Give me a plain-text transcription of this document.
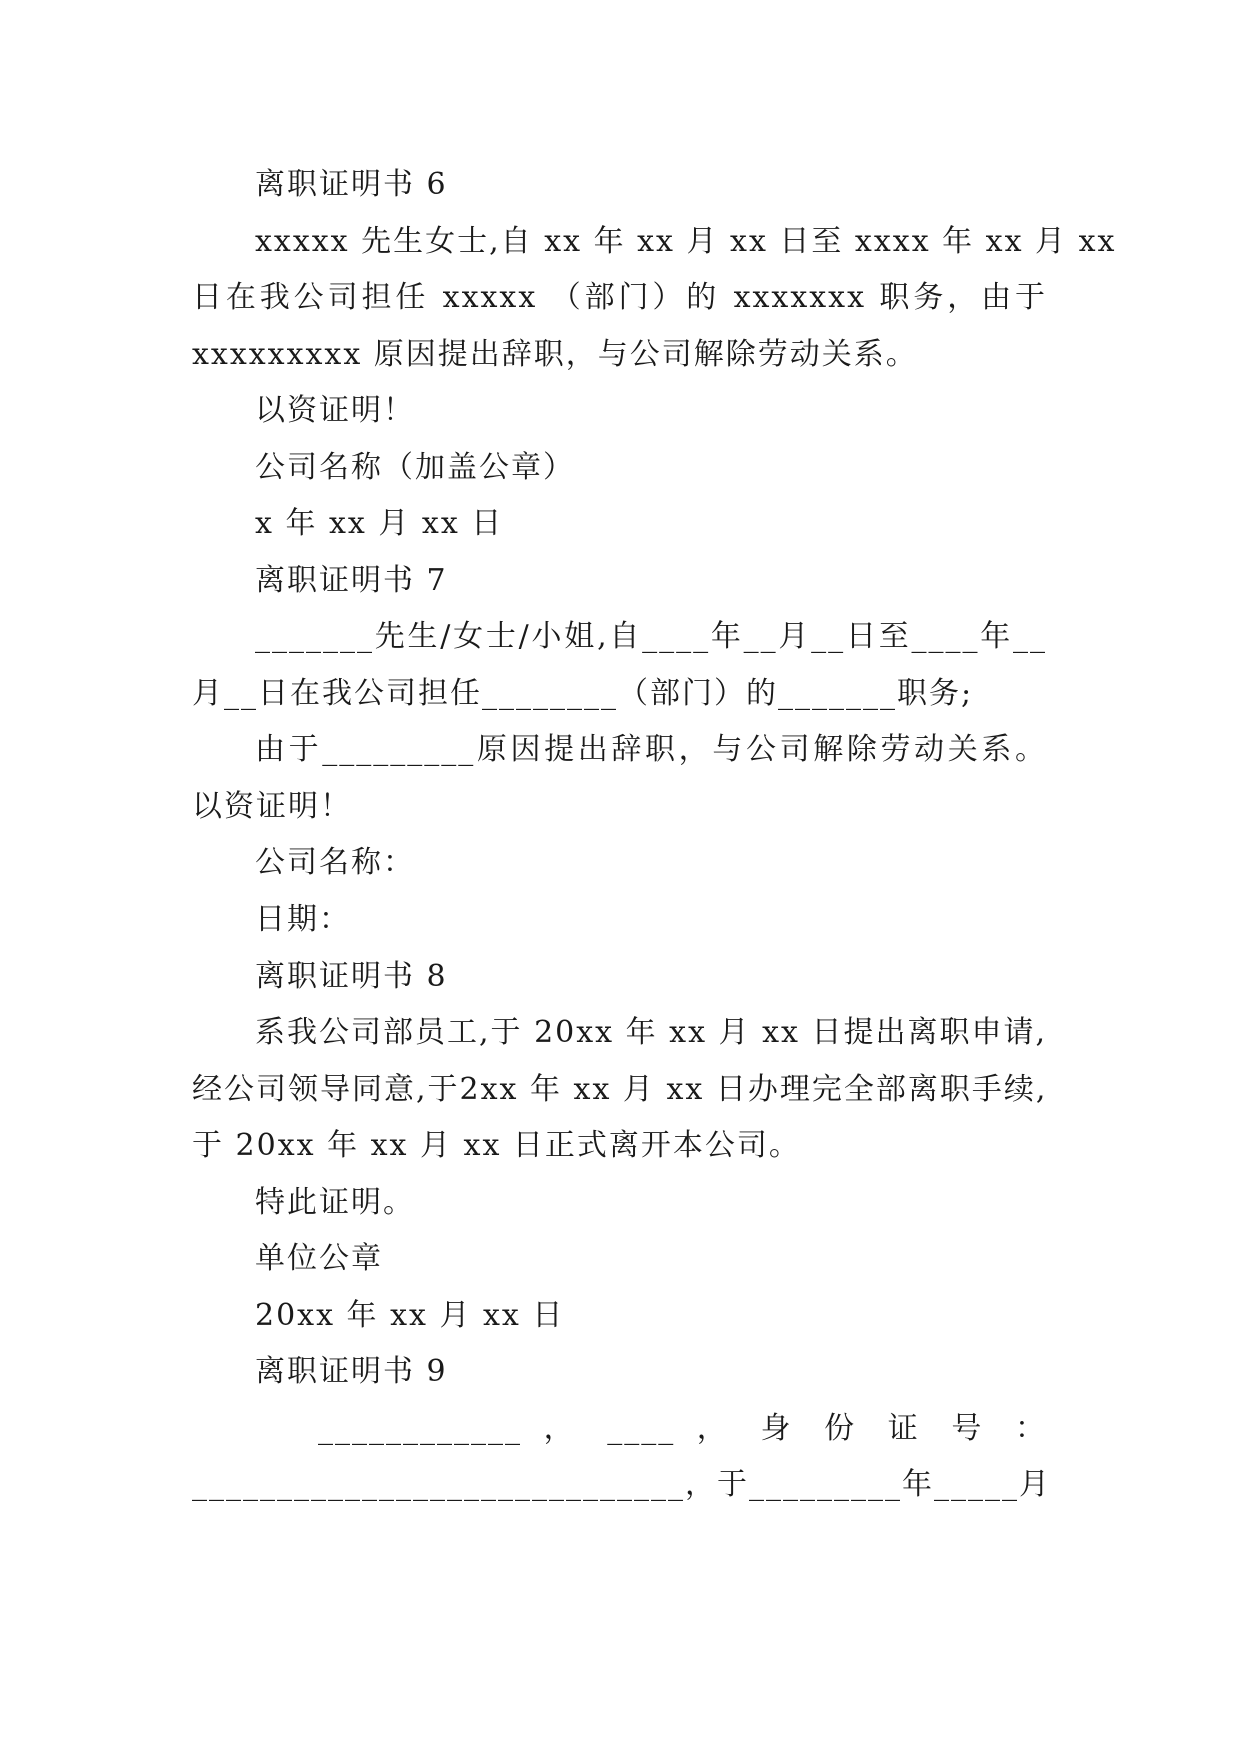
离职证明书 6
xxxxx 先生女士,自 xx 年 xx 月 xx 日至 xxxx 年 xx 月 xx
日在我公司担任 xxxxx （部门）的 xxxxxxx 职务，由于
xxxxxxxxx 原因提出辞职，与公司解除劳动关系。
以资证明！
公司名称（加盖公章）
x 年 xx 月 xx 日
离职证明书 7
_______先生/女士/小姐,自____年__月__日至____年__
月__日在我公司担任________（部门）的_______职务;
由于_________原因提出辞职，与公司解除劳动关系。
以资证明！
公司名称：
日期：
离职证明书 8
系我公司部员工,于 20xx 年 xx 月 xx 日提出离职申请,
经公司领导同意,于2xx 年 xx 月 xx 日办理完全部离职手续,
于 20xx 年 xx 月 xx 日正式离开本公司。
特此证明。
单位公章
20xx 年 xx 月 xx 日
离职证明书 9
____________ ， ____ ， 身 份 证 号 ：
_____________________________，于_________年_____月
